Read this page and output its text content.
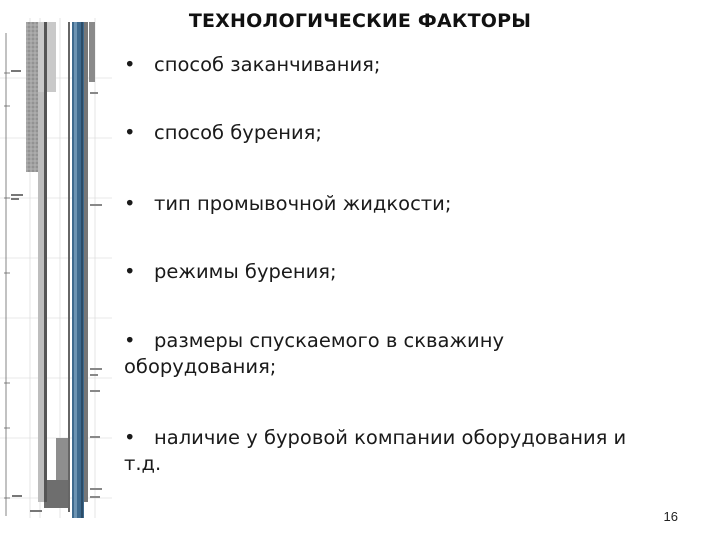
ТЕХНОЛОГИЧЕСКИЕ ФАКТОРЫ
• способ заканчивания;
• способ бурения;
• тип промывочной жидкости;
• режимы бурения;
• размеры спускаемого в скважину
оборудования;
• наличие у буровой компании оборудования и
т.д.
16
